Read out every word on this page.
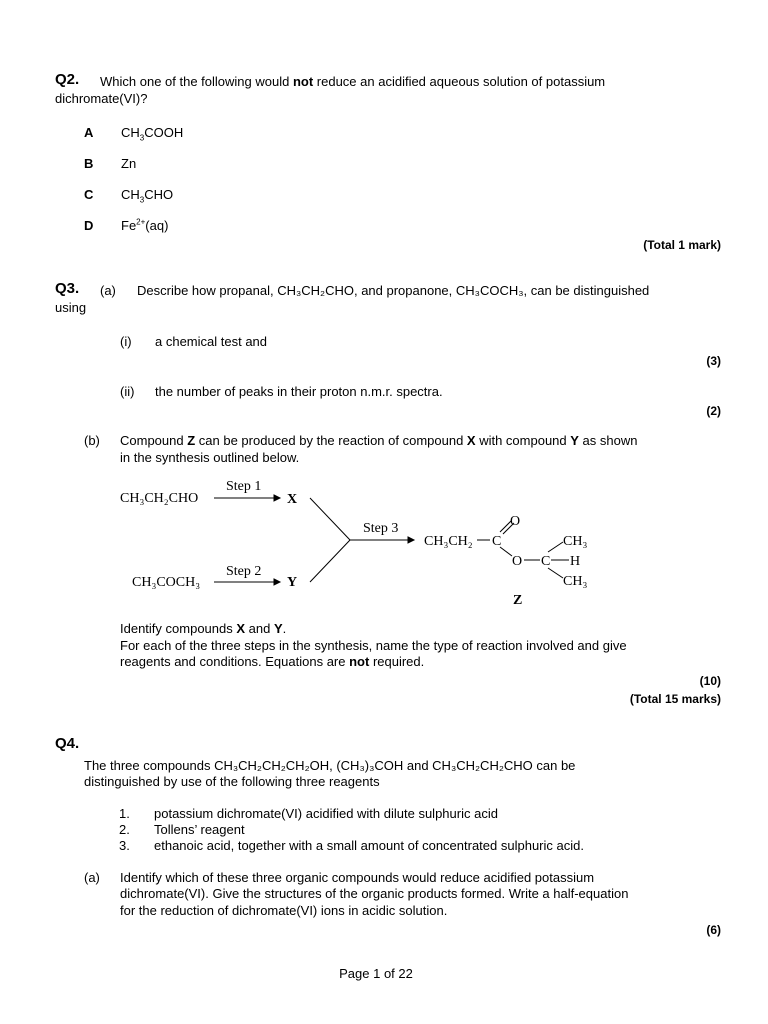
Q2. Which one of the following would not reduce an acidified aqueous solution of potassium
dichromate(VI)?
A $CH_3COOH$
B Zn
C $CH_3CHO$
D $Fe^{2+}(aq)$
(Total 1 mark)
Q3. (a) Describe how propanal, CH₃CH₂CHO, and propanone, CH₃COCH₃, can be distinguished
using
(i) a chemical test and
(3)
(ii) the number of peaks in their proton n.m.r. spectra.
(2)
(b) Compound Z can be produced by the reaction of compound X with compound Y as shown
in the synthesis outlined below.
CH₃CH₂CHO
Step 1
X
CH₃COCH₃
Step 2
Y
Step 3
CH₃CH₂ C
O
O C H
CH₃
CH₃
Z
Identify compounds X and Y.
For each of the three steps in the synthesis, name the type of reaction involved and give
reagents and conditions. Equations are not required.
(10)
(Total 15 marks)
Q4.
The three compounds CH₃CH₂CH₂CH₂OH, (CH₃)₃COH and CH₃CH₂CH₂CHO can be
distinguished by use of the following three reagents
1. potassium dichromate(VI) acidified with dilute sulphuric acid
2. Tollens’ reagent
3. ethanoic acid, together with a small amount of concentrated sulphuric acid.
(a) Identify which of these three organic compounds would reduce acidified potassium
dichromate(VI). Give the structures of the organic products formed. Write a half-equation
for the reduction of dichromate(VI) ions in acidic solution.
(6)
Page 1 of 22
